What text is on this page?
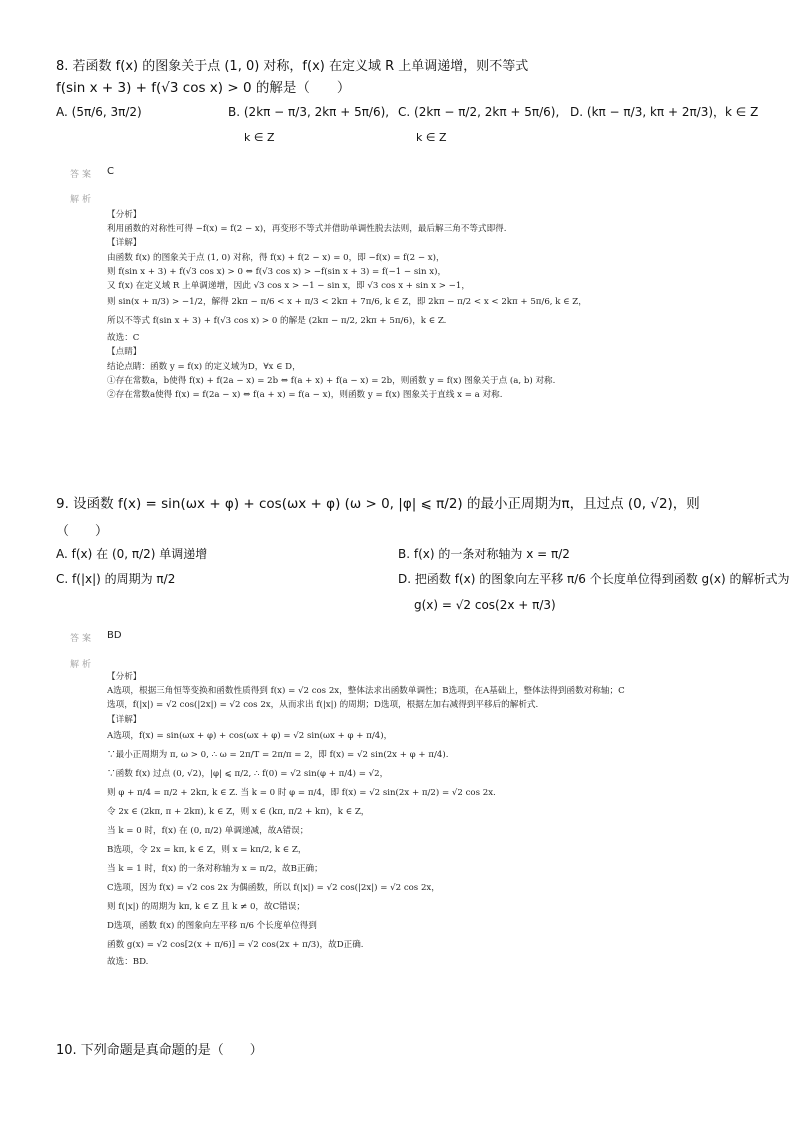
8. 若函数 f(x) 的图象关于点 (1, 0) 对称，f(x) 在定义域 R 上单调递增，则不等式
f(sin x + 3) + f(√3 cos x) > 0 的解是（　　）
A. (5π/6, 3π/2)	B. (2kπ − π/3, 2kπ + 5π/6),
k ∈ Z
C. (2kπ − π/2, 2kπ + 5π/6),
k ∈ Z
D. (kπ − π/3, kπ + 2π/3)，k ∈ Z
答案 C
解析
【分析】
利用函数的对称性可得 −f(x) = f(2 − x)，再变形不等式并借助单调性脱去法则，最后解三角不等式即得.
【详解】
由函数 f(x) 的图象关于点 (1, 0) 对称，得 f(x) + f(2 − x) = 0，即 −f(x) = f(2 − x)，
则 f(sin x + 3) + f(√3 cos x) > 0 ⇔ f(√3 cos x) > −f(sin x + 3) = f(−1 − sin x)，
又 f(x) 在定义域 R 上单调递增，因此 √3 cos x > −1 − sin x，即 √3 cos x + sin x > −1，
则 sin(x + π/3) > −1/2，解得 2kπ − π/6 < x + π/3 < 2kπ + 7π/6, k ∈ Z，即 2kπ − π/2 < x < 2kπ + 5π/6, k ∈ Z，
所以不等式 f(sin x + 3) + f(√3 cos x) > 0 的解是 (2kπ − π/2, 2kπ + 5π/6)，k ∈ Z.
故选：C
【点睛】
结论点睛：函数 y = f(x) 的定义域为D，∀x ∈ D，
①存在常数a，b使得 f(x) + f(2a − x) = 2b ⇔ f(a + x) + f(a − x) = 2b，则函数 y = f(x) 图象关于点 (a, b) 对称.
②存在常数a使得 f(x) = f(2a − x) ⇔ f(a + x) = f(a − x)，则函数 y = f(x) 图象关于直线 x = a 对称.
9. 设函数 f(x) = sin(ωx + φ) + cos(ωx + φ) (ω > 0, |φ| ⩽ π/2) 的最小正周期为π，且过点 (0, √2)，则
（　　）
A. f(x) 在 (0, π/2) 单调递增	B. f(x) 的一条对称轴为 x = π/2
C. f(|x|) 的周期为 π/2	D. 把函数 f(x) 的图象向左平移 π/6 个长度单位得到函数 g(x) 的解析式为
g(x) = √2 cos(2x + π/3)
答案 BD
解析
【分析】
A选项，根据三角恒等变换和函数性质得到 f(x) = √2 cos 2x，整体法求出函数单调性；B选项，在A基础上，整体法得到函数对称轴；C
选项，f(|x|) = √2 cos(|2x|) = √2 cos 2x，从而求出 f(|x|) 的周期；D选项，根据左加右减得到平移后的解析式.
【详解】
A选项，f(x) = sin(ωx + φ) + cos(ωx + φ) = √2 sin(ωx + φ + π/4)，
∵最小正周期为 π, ω > 0, ∴ ω = 2π/T = 2π/π = 2，即 f(x) = √2 sin(2x + φ + π/4).
∵函数 f(x) 过点 (0, √2)，|φ| ⩽ π/2, ∴ f(0) = √2 sin(φ + π/4) = √2，
则 φ + π/4 = π/2 + 2kπ, k ∈ Z. 当 k = 0 时 φ = π/4，即 f(x) = √2 sin(2x + π/2) = √2 cos 2x.
令 2x ∈ (2kπ, π + 2kπ), k ∈ Z，则 x ∈ (kπ, π/2 + kπ)，k ∈ Z，
当 k = 0 时，f(x) 在 (0, π/2) 单调递减，故A错误；
B选项，令 2x = kπ, k ∈ Z，则 x = kπ/2, k ∈ Z，
当 k = 1 时，f(x) 的一条对称轴为 x = π/2，故B正确；
C选项，因为 f(x) = √2 cos 2x 为偶函数，所以 f(|x|) = √2 cos(|2x|) = √2 cos 2x，
则 f(|x|) 的周期为 kπ, k ∈ Z 且 k ≠ 0，故C错误；
D选项，函数 f(x) 的图象向左平移 π/6 个长度单位得到
函数 g(x) = √2 cos[2(x + π/6)] = √2 cos(2x + π/3)，故D正确.
故选：BD.
10. 下列命题是真命题的是（　　）
